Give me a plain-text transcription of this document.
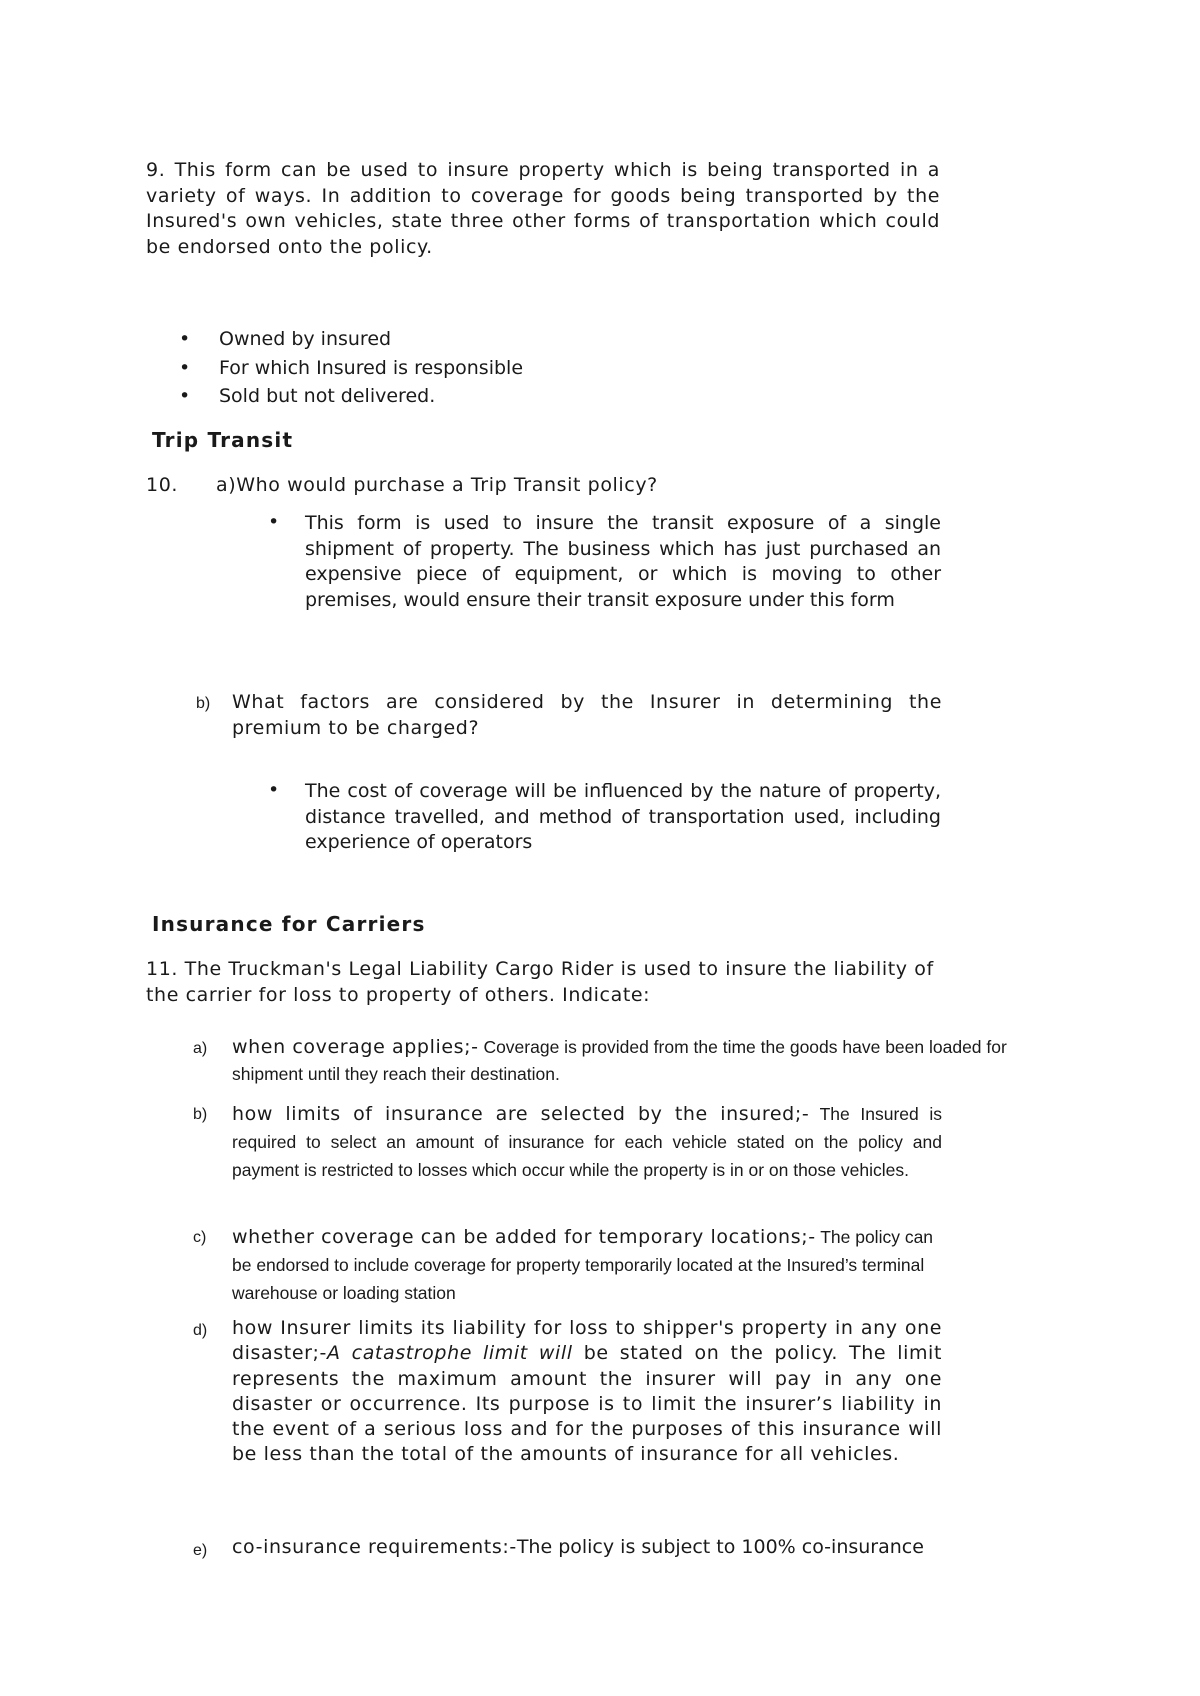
9. This form can be used to insure property which is being transported in a variety of ways. In addition to coverage for goods being transported by the Insured's own vehicles, state three other forms of transportation which could be endorsed onto the policy.
• Owned by insured
• For which Insured is responsible
• Sold but not delivered.
Trip Transit
10. a)Who would purchase a Trip Transit policy?
• This form is used to insure the transit exposure of a single shipment of property. The business which has just purchased an expensive piece of equipment, or which is moving to other premises, would ensure their transit exposure under this form
b) What factors are considered by the Insurer in determining the premium to be charged?
• The cost of coverage will be influenced by the nature of property, distance travelled, and method of transportation used, including experience of operators
Insurance for Carriers
11. The Truckman's Legal Liability Cargo Rider is used to insure the liability of the carrier for loss to property of others. Indicate:
a) when coverage applies;- Coverage is provided from the time the goods have been loaded for shipment until they reach their destination.
b) how limits of insurance are selected by the insured;- The Insured is required to select an amount of insurance for each vehicle stated on the policy and payment is restricted to losses which occur while the property is in or on those vehicles.
c) whether coverage can be added for temporary locations;- The policy can be endorsed to include coverage for property temporarily located at the Insured’s terminal warehouse or loading station
d) how Insurer limits its liability for loss to shipper's property in any one disaster;-A catastrophe limit will be stated on the policy. The limit represents the maximum amount the insurer will pay in any one disaster or occurrence. Its purpose is to limit the insurer’s liability in the event of a serious loss and for the purposes of this insurance will be less than the total of the amounts of insurance for all vehicles.
e) co-insurance requirements:-The policy is subject to 100% co-insurance
